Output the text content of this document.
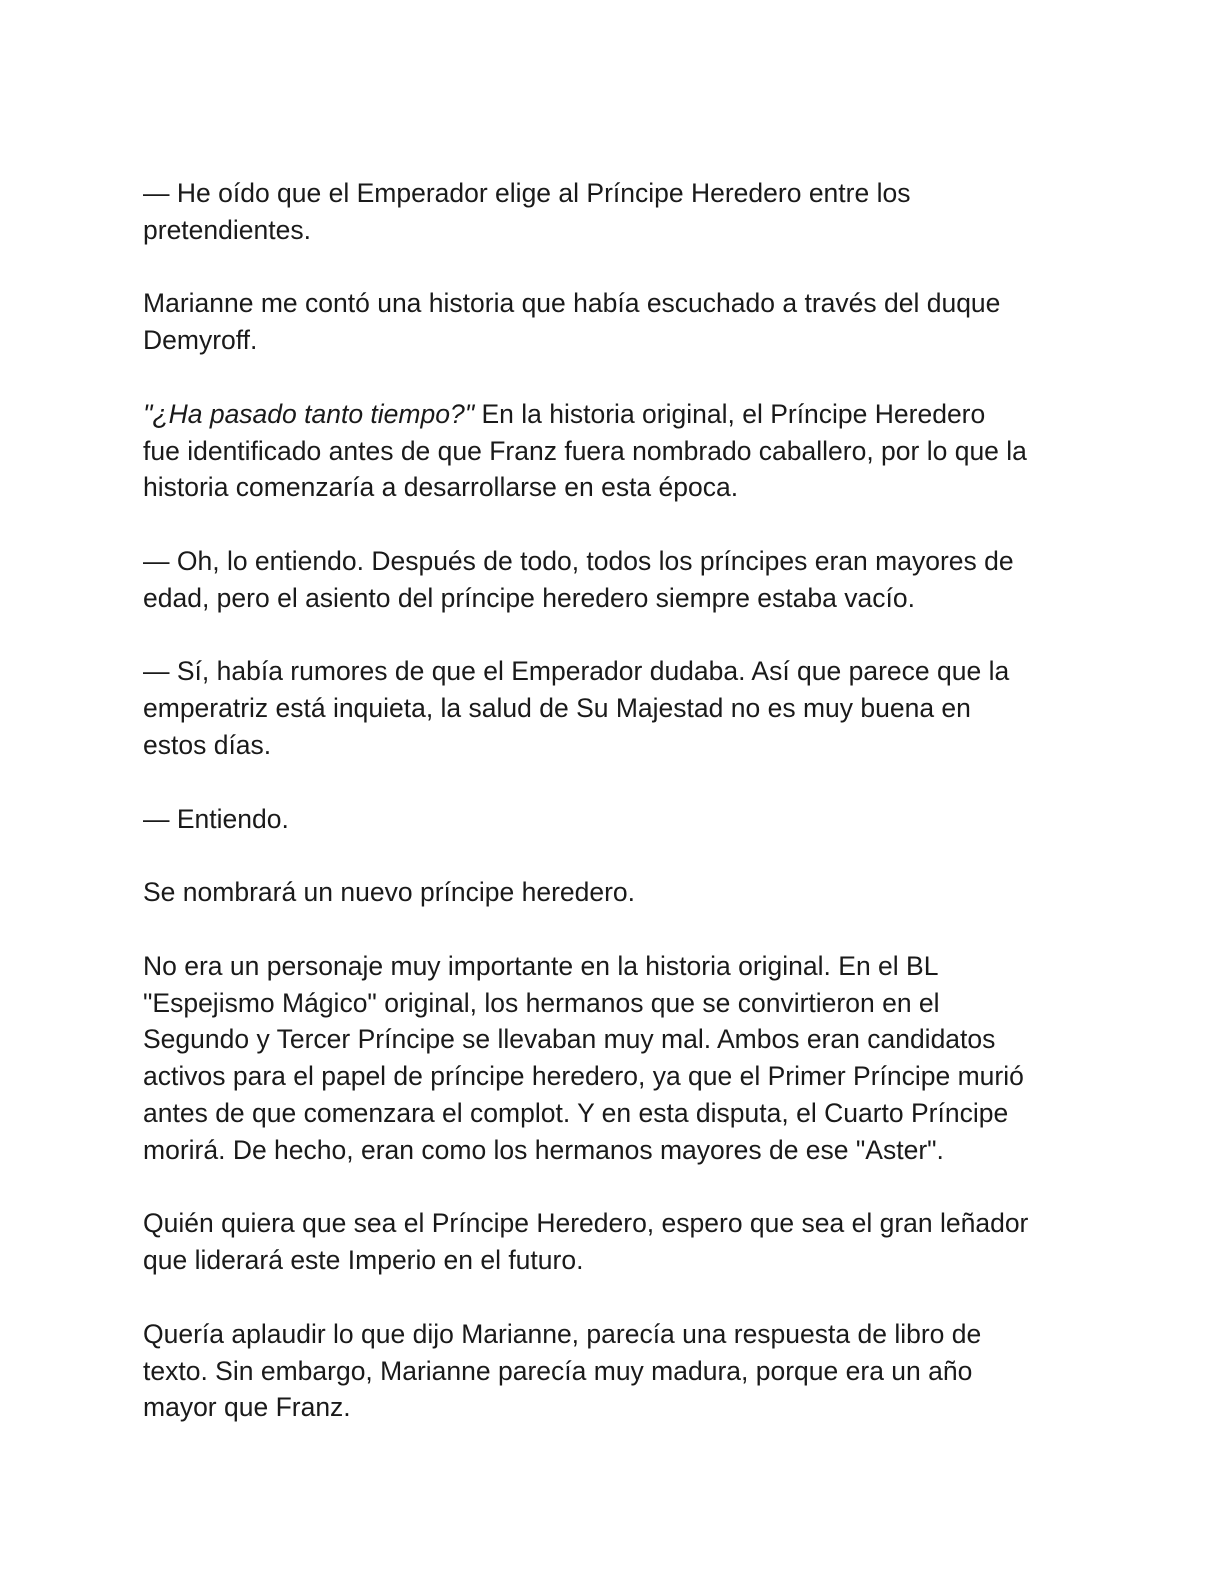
— He oído que el Emperador elige al Príncipe Heredero entre los
pretendientes.

Marianne me contó una historia que había escuchado a través del duque
Demyroff.

"¿Ha pasado tanto tiempo?" En la historia original, el Príncipe Heredero
fue identificado antes de que Franz fuera nombrado caballero, por lo que la
historia comenzaría a desarrollarse en esta época.

— Oh, lo entiendo. Después de todo, todos los príncipes eran mayores de
edad, pero el asiento del príncipe heredero siempre estaba vacío.

— Sí, había rumores de que el Emperador dudaba. Así que parece que la
emperatriz está inquieta, la salud de Su Majestad no es muy buena en
estos días.

— Entiendo.

Se nombrará un nuevo príncipe heredero.

No era un personaje muy importante en la historia original. En el BL
"Espejismo Mágico" original, los hermanos que se convirtieron en el
Segundo y Tercer Príncipe se llevaban muy mal. Ambos eran candidatos
activos para el papel de príncipe heredero, ya que el Primer Príncipe murió
antes de que comenzara el complot. Y en esta disputa, el Cuarto Príncipe
morirá. De hecho, eran como los hermanos mayores de ese "Aster".

Quién quiera que sea el Príncipe Heredero, espero que sea el gran leñador
que liderará este Imperio en el futuro.

Quería aplaudir lo que dijo Marianne, parecía una respuesta de libro de
texto. Sin embargo, Marianne parecía muy madura, porque era un año
mayor que Franz.
